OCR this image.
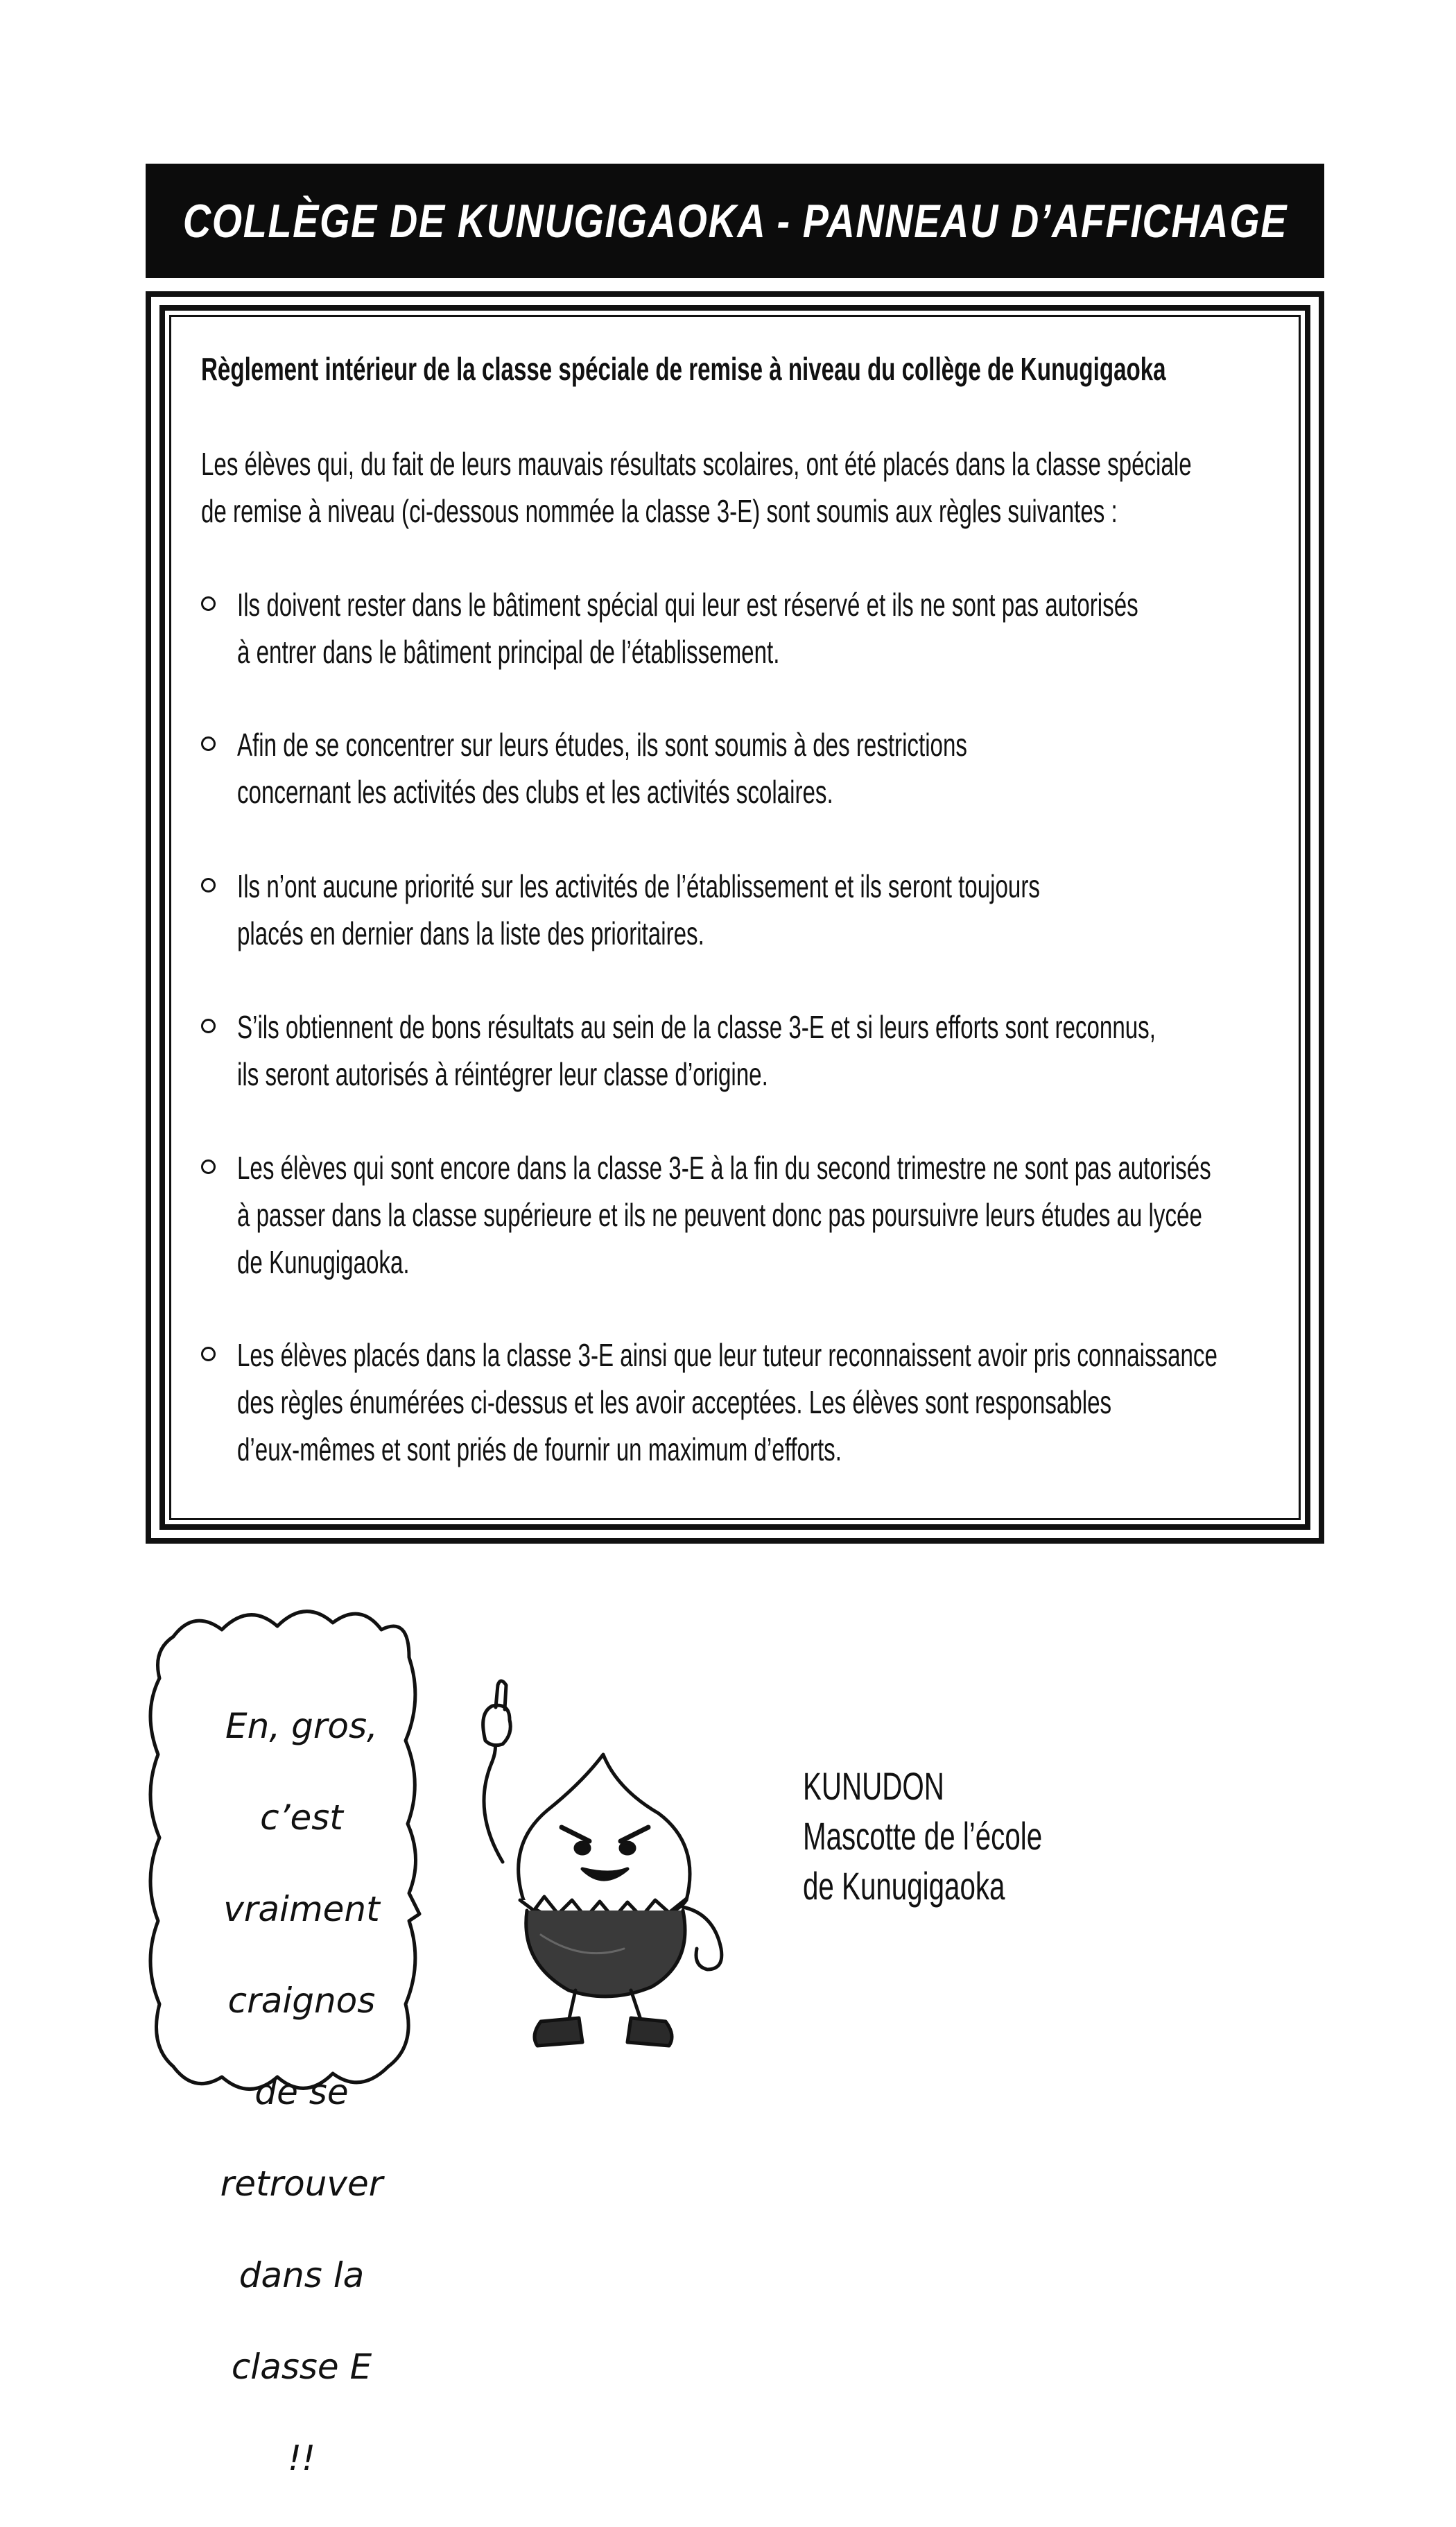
COLLÈGE DE KUNUGIGAOKA - PANNEAU D’AFFICHAGE
Règlement intérieur de la classe spéciale de remise à niveau du collège de Kunugigaoka
Les élèves qui, du fait de leurs mauvais résultats scolaires, ont été placés dans la classe spéciale
de remise à niveau (ci-dessous nommée la classe 3-E) sont soumis aux règles suivantes :
Ils doivent rester dans le bâtiment spécial qui leur est réservé et ils ne sont pas autorisés
à entrer dans le bâtiment principal de l’établissement.
Afin de se concentrer sur leurs études, ils sont soumis à des restrictions
concernant les activités des clubs et les activités scolaires.
Ils n’ont aucune priorité sur les activités de l’établissement et ils seront toujours
placés en dernier dans la liste des prioritaires.
S’ils obtiennent de bons résultats au sein de la classe 3-E et si leurs efforts sont reconnus,
ils seront autorisés à réintégrer leur classe d’origine.
Les élèves qui sont encore dans la classe 3-E à la fin du second trimestre ne sont pas autorisés
à passer dans la classe supérieure et ils ne peuvent donc pas poursuivre leurs études au lycée
de Kunugigaoka.
Les élèves placés dans la classe 3-E ainsi que leur tuteur reconnaissent avoir pris connaissance
des règles énumérées ci-dessus et les avoir acceptées. Les élèves sont responsables
d’eux-mêmes et sont priés de fournir un maximum d’efforts.

En, gros,

c’est

vraiment

craignos

de se

retrouver

dans la

classe E

!!

KUNUDON
Mascotte de l’école
de Kunugigaoka
